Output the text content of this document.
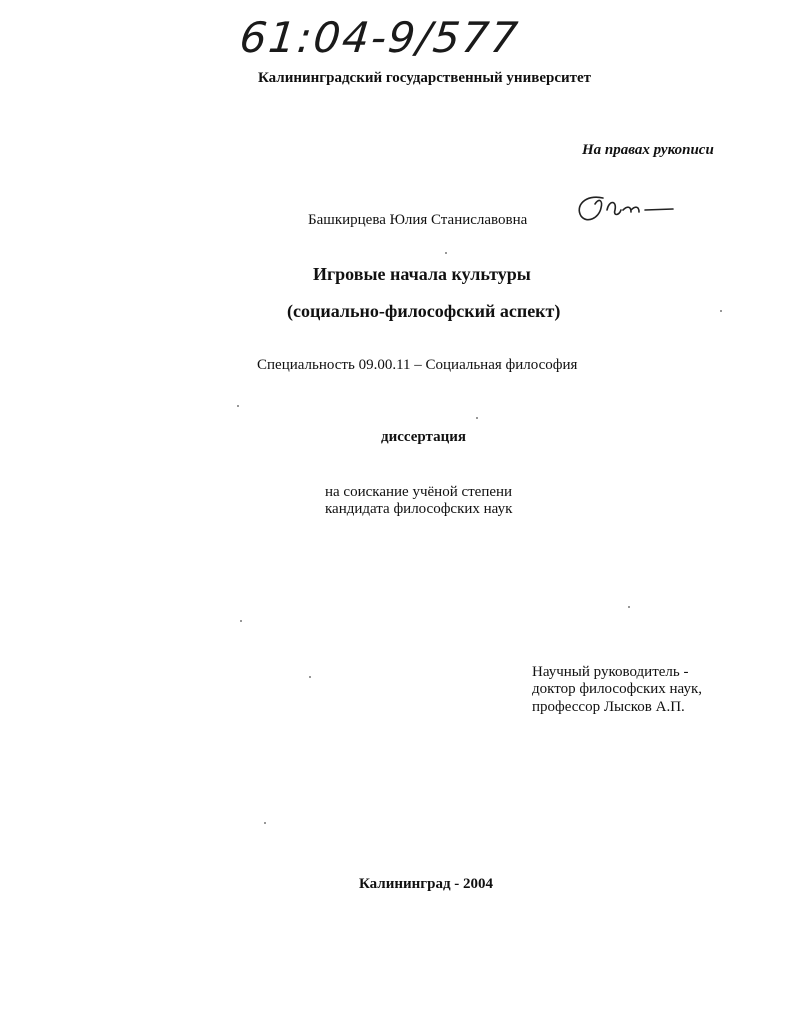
61:04-9/577
Калининградский государственный университет
На правах рукописи
Башкирцева Юлия Станиславовна
Игровые начала культуры
(социально-философский аспект)
Специальность 09.00.11 – Социальная философия
диссертация
на соискание учёной степени
кандидата философских наук
Научный руководитель -
доктор философских наук,
профессор Лысков А.П.
Калининград - 2004
